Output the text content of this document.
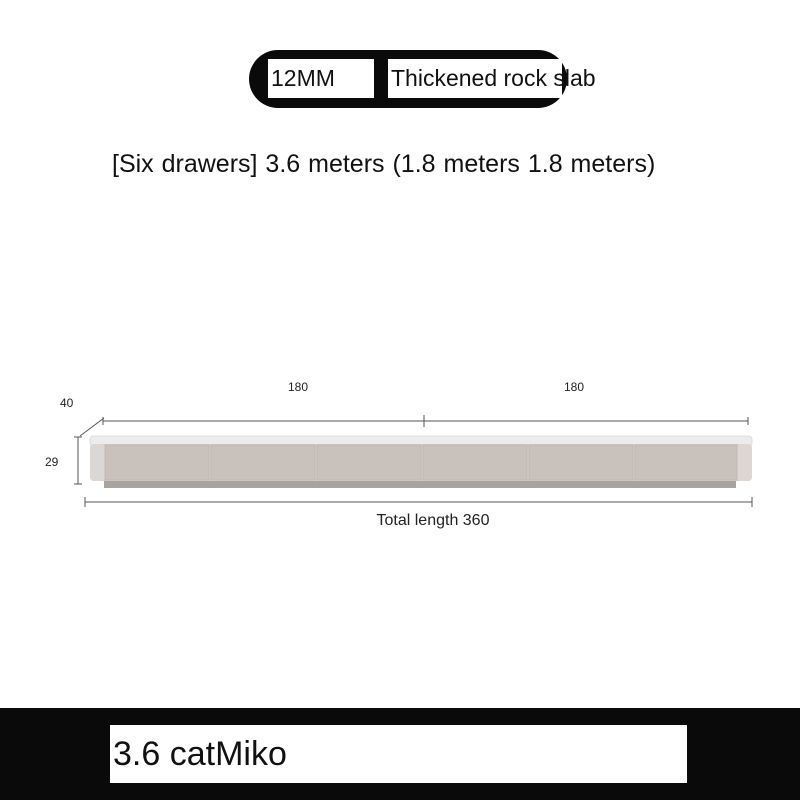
12MM	Thickened rock slab
[Six drawers] 3.6 meters (1.8 meters 1.8 meters)
180	180
40
29
Total length 360
3.6 catMiko
